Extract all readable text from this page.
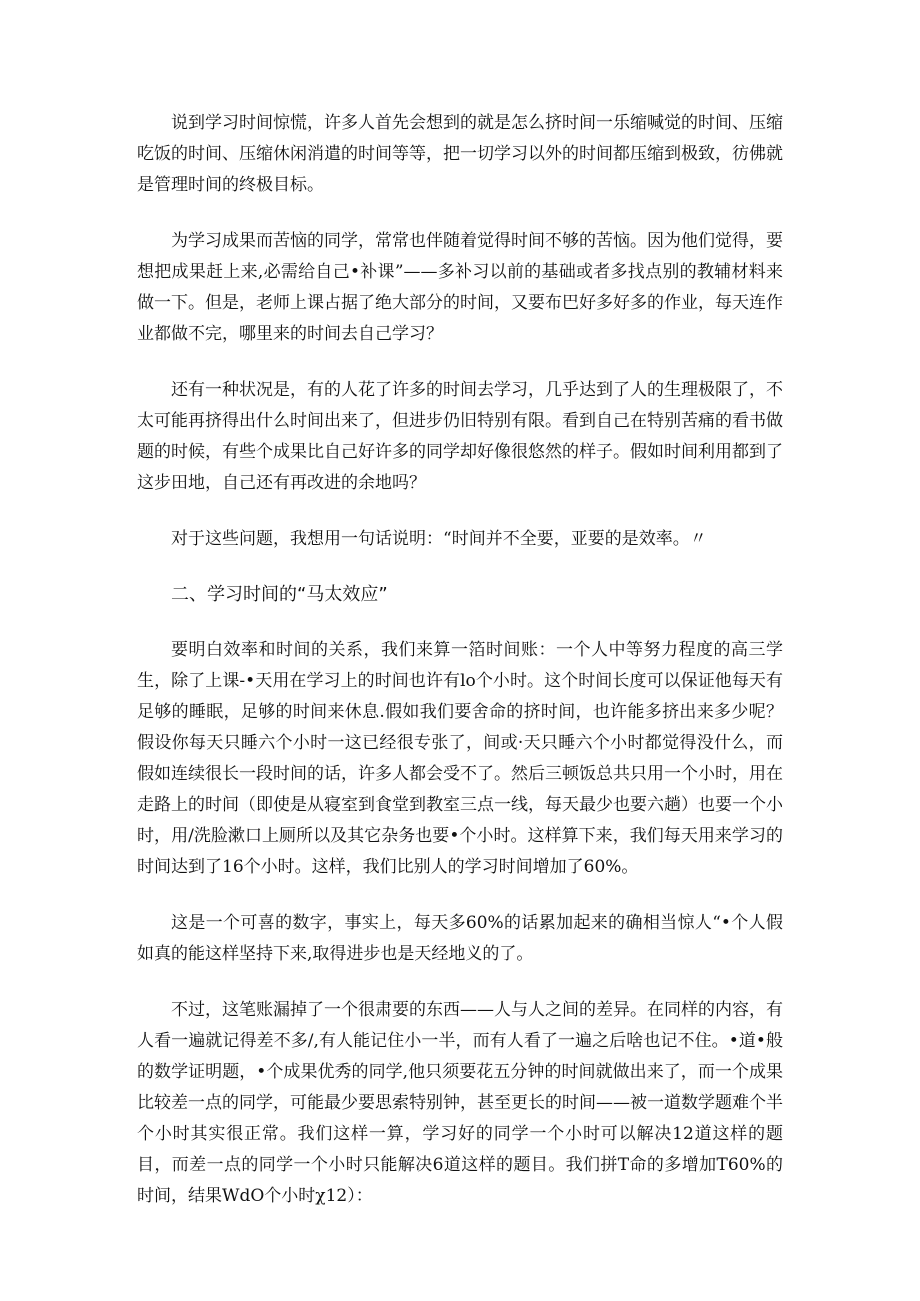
说到学习时间惊慌，许多人首先会想到的就是怎么挤时间一乐缩喊觉的时间、压缩吃饭的时间、压缩休闲消遣的时间等等，把一切学习以外的时间都压缩到极致，彷佛就是管理时间的终极目标。

为学习成果而苦恼的同学，常常也伴随着觉得时间不够的苦恼。因为他们觉得，要想把成果赶上来,必需给自己•补课”——多补习以前的基础或者多找点别的教辅材料来做一下。但是，老师上课占据了绝大部分的时间，又要布巴好多好多的作业，每天连作业都做不完，哪里来的时间去自己学习？

还有一种状况是，有的人花了许多的时间去学习，几乎达到了人的生理极限了，不太可能再挤得出什么时间出来了，但进步仍旧特别有限。看到自己在特别苦痛的看书做题的时候，有些个成果比自己好许多的同学却好像很悠然的样子。假如时间利用都到了这步田地，自己还有再改进的余地吗？

对于这些问题，我想用一句话说明：“时间并不全要，亚要的是效率。〃

二、学习时间的“马太效应”

要明白效率和时间的关系，我们来算一箔时间账：一个人中等努力程度的高三学生，除了上课-•天用在学习上的时间也许有lo个小时。这个时间长度可以保证他每天有足够的睡眠，足够的时间来休息.假如我们要舍命的挤时间，也许能多挤出来多少呢？假设你每天只睡六个小时一这已经很专张了，间或·天只睡六个小时都觉得没什么，而假如连续很长一段时间的话，许多人都会受不了。然后三顿饭总共只用一个小时，用在走路上的时间（即使是从寝室到食堂到教室三点一线，每天最少也要六趟）也要一个小时，用/洗脸漱口上厕所以及其它杂务也要•个小时。这样算下来，我们每天用来学习的时间达到了16个小时。这样，我们比别人的学习时间增加了60%。

这是一个可喜的数字，事实上，每天多60%的话累加起来的确相当惊人“•个人假如真的能这样坚持下来,取得进步也是天经地义的了。

不过，这笔账漏掉了一个很肃要的东西——人与人之间的差异。在同样的内容，有人看一遍就记得差不多/,有人能记住小一半，而有人看了一遍之后啥也记不住。•道•般的数学证明题，•个成果优秀的同学,他只须要花五分钟的时间就做出来了，而一个成果比较差一点的同学，可能最少要思索特别钟，甚至更长的时间——被一道数学题难个半个小时其实很正常。我们这样一算，学习好的同学一个小时可以解决12道这样的题目，而差一点的同学一个小时只能解决6道这样的题目。我们拼T命的多增加T60%的时间，结果WdO个小时χ12）：
